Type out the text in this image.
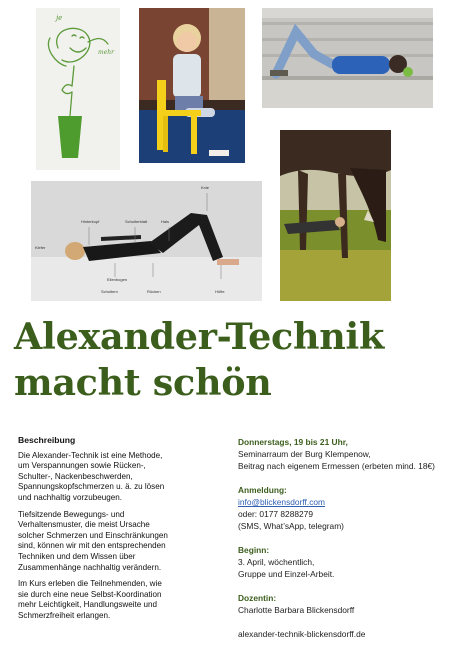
je
mehr
Knie
Hinterkopf	Schulterblatt	Hals
Kiefer
Ellenbogen
Schultern	Rücken	Hüfte
Alexander-Technik
macht schön
Beschreibung

Die Alexander-Technik ist eine Methode, um Verspannungen sowie Rücken-, Schulter-, Nackenbeschwerden, Spannungskopfschmerzen u. ä. zu lösen und nachhaltig vorzubeugen.

Tiefsitzende Bewegungs- und Verhaltensmuster, die meist Ursache solcher Schmerzen und Einschränkungen sind, können wir mit den entsprechenden Techniken und dem Wissen über Zusammenhänge nachhaltig verändern.

Im Kurs erleben die Teilnehmenden, wie sie durch eine neue Selbst-Koordination mehr Leichtigkeit, Handlungsweite und Schmerzfreiheit erlangen.

Donnerstags, 19 bis 21 Uhr,
Seminarraum der Burg Klempenow,
Beitrag nach eigenem Ermessen (erbeten mind. 18€)
Anmeldung:
info@blickensdorff.com
oder: 0177 8288279
(SMS, What’sApp, telegram)
Beginn:
3. April, wöchentlich,
Gruppe und Einzel-Arbeit.
Dozentin:
Charlotte Barbara Blickensdorff
alexander-technik-blickensdorff.de
